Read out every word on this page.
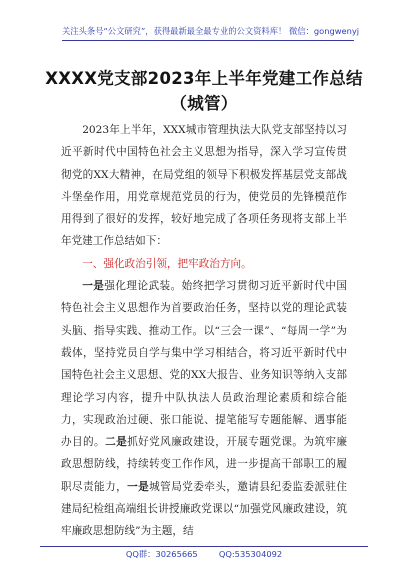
关注头条号“公文研究”，获得最新最全最专业的公文资料库！ 微信：gongwenyj
XXXX党支部2023年上半年党建工作总结（城管）

2023年上半年，XXX城市管理执法大队党支部坚持以习近平新时代中国特色社会主义思想为指导，深入学习宣传贯彻党的XX大精神，在局党组的领导下积极发挥基层党支部战斗堡垒作用，用党章规范党员的行为，使党员的先锋模范作用得到了很好的发挥，较好地完成了各项任务现将支部上半年党建工作总结如下：

一、强化政治引领，把牢政治方向。

一是强化理论武装。始终把学习贯彻习近平新时代中国特色社会主义思想作为首要政治任务，坚持以党的理论武装头脑、指导实践、推动工作。以“三会一课”、“每周一学”为载体，坚持党员自学与集中学习相结合，将习近平新时代中国特色社会主义思想、党的XX大报告、业务知识等纳入支部理论学习内容，提升中队执法人员政治理论素质和综合能力，实现政治过硬、张口能说、提笔能写专题能解、遇事能办目的。二是抓好党风廉政建设，开展专题党课。为筑牢廉政思想防线，持续转变工作作风，进一步提高干部职工的履职尽责能力，一是城管局党委牵头，邀请县纪委监委派驻住建局纪检组高端组长讲授廉政党课以“加强党风廉政建设，筑牢廉政思想防线”为主题，结

QQ群：30265665	QQ:535304092
